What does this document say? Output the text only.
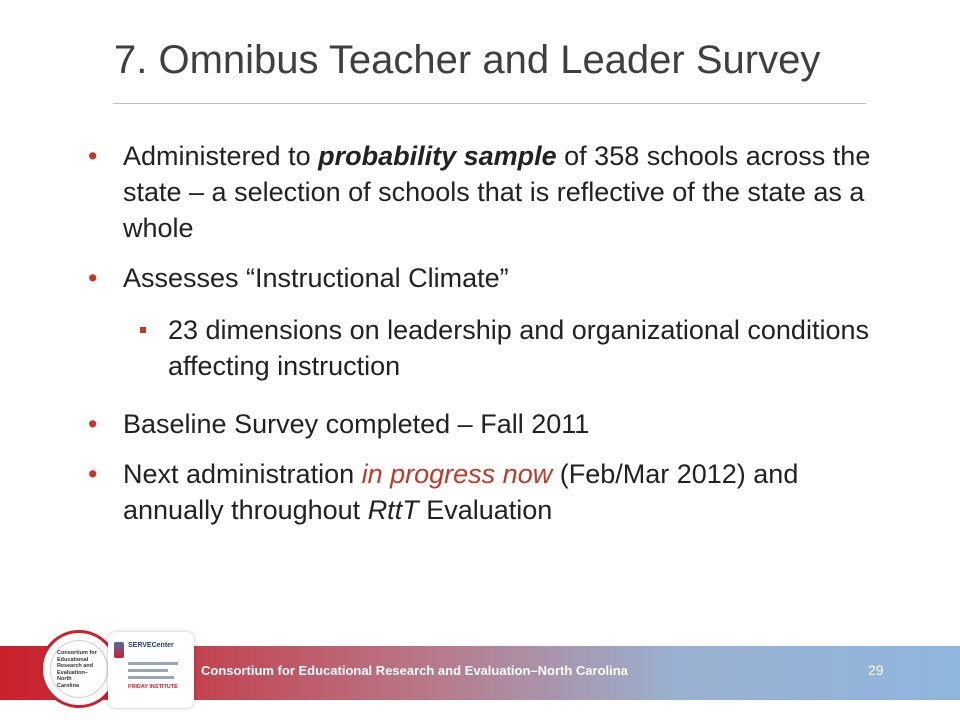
7. Omnibus Teacher and Leader Survey
• Administered to probability sample of 358 schools across the state – a selection of schools that is reflective of the state as a whole
• Assesses “Instructional Climate”
23 dimensions on leadership and organizational conditions affecting instruction
• Baseline Survey completed – Fall 2011
• Next administration in progress now (Feb/Mar 2012) and annually throughout RttT Evaluation
Consortium for Educational Research and Evaluation–North Carolina	29
Consortium for
Educational
Research and
Evaluation–
North
Carolina
SERVECenter
FRIDAY INSTITUTE
